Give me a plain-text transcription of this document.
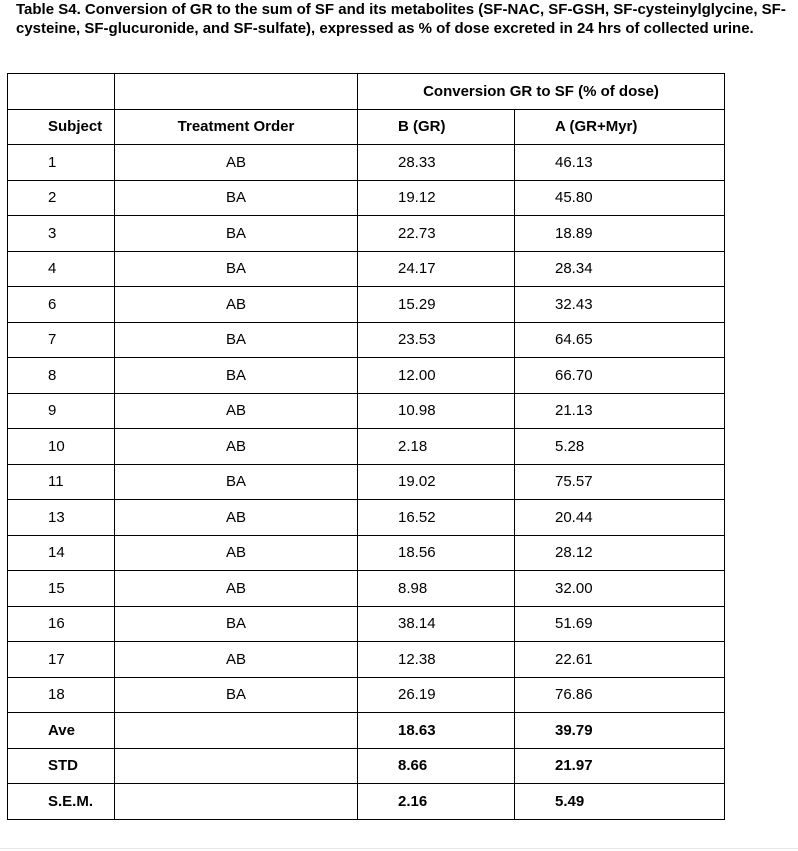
Table S4. Conversion of GR to the sum of SF and its metabolites (SF-NAC, SF-GSH, SF-cysteinylglycine, SF-cysteine, SF-glucuronide, and SF-sulfate), expressed as % of dose excreted in 24 hrs of collected urine.

		Conversion GR to SF (% of dose)	
Subject	Treatment Order	B (GR)	A (GR+Myr)
1	AB	28.33	46.13
2	BA	19.12	45.80
3	BA	22.73	18.89
4	BA	24.17	28.34
6	AB	15.29	32.43
7	BA	23.53	64.65
8	BA	12.00	66.70
9	AB	10.98	21.13
10	AB	2.18	5.28
11	BA	19.02	75.57
13	AB	16.52	20.44
14	AB	18.56	28.12
15	AB	8.98	32.00
16	BA	38.14	51.69
17	AB	12.38	22.61
18	BA	26.19	76.86
Ave		18.63	39.79
STD		8.66	21.97
S.E.M.		2.16	5.49
